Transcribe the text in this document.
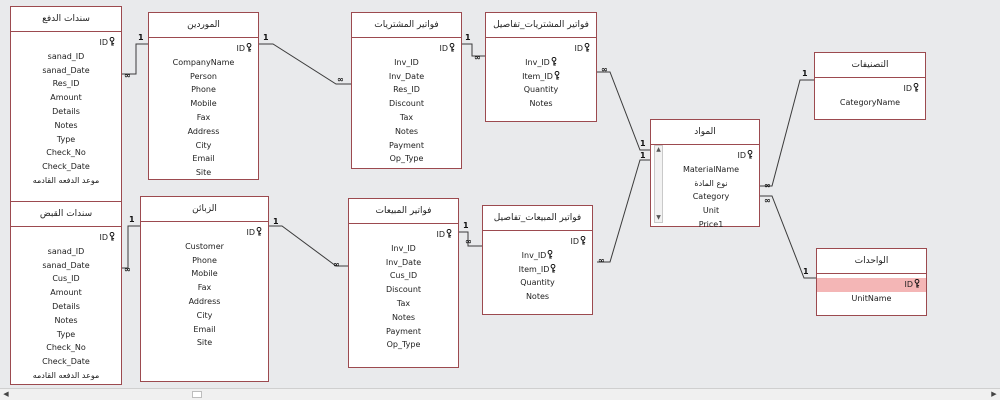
سندات الدفع
ID
sanad_ID
sanad_Date
Res_ID
Amount
Details
Notes
Type
Check_No
Check_Date
موعد الدفعه القادمه
الموردين
ID
CompanyName
Person
Phone
Mobile
Fax
Address
City
Email
Site
فواتير المشتريات
ID
Inv_ID
Inv_Date
Res_ID
Discount
Tax
Notes
Payment
Op_Type
فواتير المشتريات_تفاصيل
ID
Inv_ID
Item_ID
Quantity
Notes
التصنيفات
ID
CategoryName
المواد
▲
▼
ID
MaterialName
نوع المادة
Category
Unit
Price1
سندات القبض
ID
sanad_ID
sanad_Date
Cus_ID
Amount
Details
Notes
Type
Check_No
Check_Date
موعد الدفعه القادمه
الزبائن
ID
Customer
Phone
Mobile
Fax
Address
City
Email
Site
فواتير المبيعات
ID
Inv_ID
Inv_Date
Cus_ID
Discount
Tax
Notes
Payment
Op_Type
فواتير المبيعات_تفاصيل
ID
Inv_ID
Item_ID
Quantity
Notes
الواحدات
ID
UnitName
1
∞
1
∞
1
∞
1
∞
1
∞
1
∞
1
∞
1
∞
1
∞
1
∞
◀	▶
